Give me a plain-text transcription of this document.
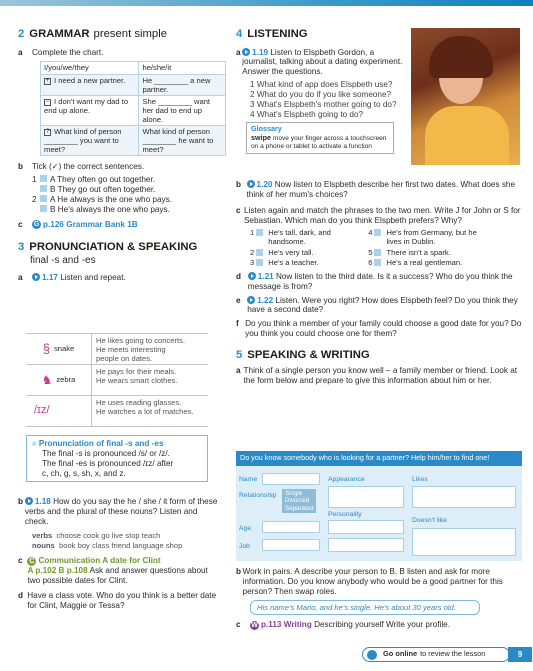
2 GRAMMAR present simple
a	Complete the chart.
I/you/we/they	he/she/it
+ I need a new partner.	He ________ a new partner.
− I don't want my dad to end up alone.	She ________ want her dad to end up alone.
? What kind of person ________ you want to meet?	What kind of person ________ he want to meet?
b	Tick (✓) the correct sentences.
1	A They often go out together.
B They go out often together.
2	A He always is the one who pays.
B He's always the one who pays.
c	G p.126 Grammar Bank 1B
3 PRONUNCIATION & SPEAKING
final -s and -es
a	1.17
Listen and repeat.
§ snake
He likes going to concerts.
He meets interesting
people on dates.
♞ zebra
He pays for their meals.
He wears smart clothes.
/ɪz/
He uses reading glasses.
He watches a lot of matches.
⌕ Pronunciation of final -s and -es
The final -s is pronounced /s/ or /z/.
The final -es is pronounced /ɪz/ after
c, ch, g, s, sh, x, and z.
b	1.18 How do you say the he / she / it form of these verbs and the plural of these nouns? Listen and check.
verbs choose cook go live stop teach
nouns book boy class friend language shop
c C Communication A date for Clint
A p.102 B p.108 Ask and answer questions about two possible dates for Clint.
d Have a class vote. Who do you think is a better date for Clint, Maggie or Tessa?
4 LISTENING
a	1.19 Listen to Elspbeth Gordon, a journalist, talking about a dating experiment. Answer the questions.
1 What kind of app does Elspbeth use?
2 What do you do if you like someone?
3 What's Elspbeth's mother going to do?
4 What's Elspbeth going to do?
Glossary
swipe move your finger across a touchscreen on a phone or tablet to activate a function
b	1.20 Now listen to Elspbeth describe her first two dates. What does she think of her mum's choices?
c Listen again and match the phrases to the two men. Write J for John or S for Sebastian. Which man do you think Elspbeth prefers? Why?
1		He's tall, dark, and handsome.	4		He's from Germany, but he lives in Dublin.
2		He's very tall.	5		There isn't a spark.
3		He's a teacher.	6		He's a real gentleman.
d	1.21 Now listen to the third date. Is it a success? Who do you think the message is from?
e	1.22 Listen. Were you right? How does Elspbeth feel? Do you think they have a second date?
f Do you think a member of your family could choose a good date for you? Do you think you could choose one for them?
5 SPEAKING & WRITING
a Think of a single person you know well – a family member or friend. Look at the form below and prepare to give this information about him or her.
Do you know somebody who is looking for a partner? Help him/her to find one!
Name	Appearance	Likes
Relationship Single
Divorced
Separated
Personality
Doesn't like
Age
Job
b Work in pairs. A describe your person to B. B listen and ask for more information. Do you know anybody who would be a good partner for this person? Then swap roles.
His name's Mario, and he's single. He's about 30 years old.
c	W p.113 Writing Describing yourself Write your profile.
Go online to review the lesson	9
